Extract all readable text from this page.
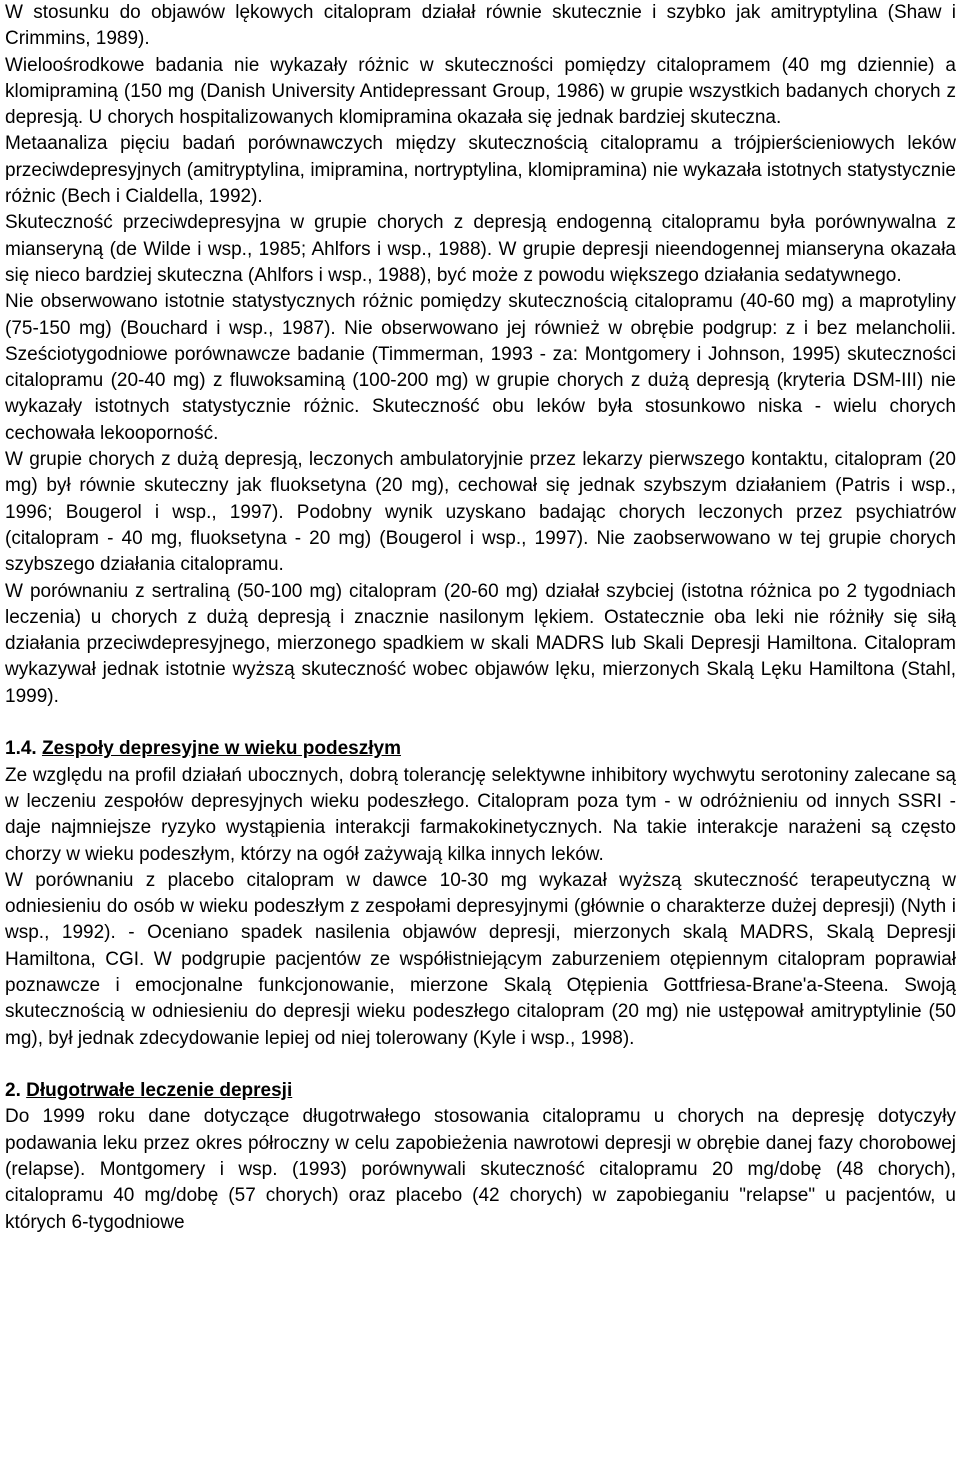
W stosunku do objawów lękowych citalopram działał równie skutecznie i szybko jak amitryptylina (Shaw i Crimmins, 1989).

Wieloośrodkowe badania nie wykazały różnic w skuteczności pomiędzy citalopramem (40 mg dziennie) a klomipraminą (150 mg (Danish University Antidepressant Group, 1986) w grupie wszystkich badanych chorych z depresją. U chorych hospitalizowanych klomipramina okazała się jednak bardziej skuteczna.

Metaanaliza pięciu badań porównawczych między skutecznością citalopramu a trójpierścieniowych leków przeciwdepresyjnych (amitryptylina, imipramina, nortryptylina, klomipramina) nie wykazała istotnych statystycznie różnic (Bech i Cialdella, 1992).

Skuteczność przeciwdepresyjna w grupie chorych z depresją endogenną citalopramu była porównywalna z mianseryną (de Wilde i wsp., 1985; Ahlfors i wsp., 1988). W grupie depresji nieendogennej mianseryna okazała się nieco bardziej skuteczna (Ahlfors i wsp., 1988), być może z powodu większego działania sedatywnego.

Nie obserwowano istotnie statystycznych różnic pomiędzy skutecznością citalopramu (40-60 mg) a maprotyliny (75-150 mg) (Bouchard i wsp., 1987). Nie obserwowano jej również w obrębie podgrup: z i bez melancholii. Sześciotygodniowe porównawcze badanie (Timmerman, 1993 - za: Montgomery i Johnson, 1995) skuteczności citalopramu (20-40 mg) z fluwoksaminą (100-200 mg) w grupie chorych z dużą depresją (kryteria DSM-III) nie wykazały istotnych statystycznie różnic. Skuteczność obu leków była stosunkowo niska - wielu chorych cechowała lekooporność.

W grupie chorych z dużą depresją, leczonych ambulatoryjnie przez lekarzy pierwszego kontaktu, citalopram (20 mg) był równie skuteczny jak fluoksetyna (20 mg), cechował się jednak szybszym działaniem (Patris i wsp., 1996; Bougerol i wsp., 1997). Podobny wynik uzyskano badając chorych leczonych przez psychiatrów (citalopram - 40 mg, fluoksetyna - 20 mg) (Bougerol i wsp., 1997). Nie zaobserwowano w tej grupie chorych szybszego działania citalopramu.

W porównaniu z sertraliną (50-100 mg) citalopram (20-60 mg) działał szybciej (istotna różnica po 2 tygodniach leczenia) u chorych z dużą depresją i znacznie nasilonym lękiem. Ostatecznie oba leki nie różniły się siłą działania przeciwdepresyjnego, mierzonego spadkiem w skali MADRS lub Skali Depresji Hamiltona. Citalopram wykazywał jednak istotnie wyższą skuteczność wobec objawów lęku, mierzonych Skalą Lęku Hamiltona (Stahl, 1999).

1.4. Zespoły depresyjne w wieku podeszłym

Ze względu na profil działań ubocznych, dobrą tolerancję selektywne inhibitory wychwytu serotoniny zalecane są w leczeniu zespołów depresyjnych wieku podeszłego. Citalopram poza tym - w odróżnieniu od innych SSRI - daje najmniejsze ryzyko wystąpienia interakcji farmakokinetycznych. Na takie interakcje narażeni są często chorzy w wieku podeszłym, którzy na ogół zażywają kilka innych leków.

W porównaniu z placebo citalopram w dawce 10-30 mg wykazał wyższą skuteczność terapeutyczną w odniesieniu do osób w wieku podeszłym z zespołami depresyjnymi (głównie o charakterze dużej depresji) (Nyth i wsp., 1992). - Oceniano spadek nasilenia objawów depresji, mierzonych skalą MADRS, Skalą Depresji Hamiltona, CGI. W podgrupie pacjentów ze współistniejącym zaburzeniem otępiennym citalopram poprawiał poznawcze i emocjonalne funkcjonowanie, mierzone Skalą Otępienia Gottfriesa-Brane'a-Steena. Swoją skutecznością w odniesieniu do depresji wieku podeszłego citalopram (20 mg) nie ustępował amitryptylinie (50 mg), był jednak zdecydowanie lepiej od niej tolerowany (Kyle i wsp., 1998).

2. Długotrwałe leczenie depresji

Do 1999 roku dane dotyczące długotrwałego stosowania citalopramu u chorych na depresję dotyczyły podawania leku przez okres półroczny w celu zapobieżenia nawrotowi depresji w obrębie danej fazy chorobowej (relapse). Montgomery i wsp. (1993) porównywali skuteczność citalopramu 20 mg/dobę (48 chorych), citalopramu 40 mg/dobę (57 chorych) oraz placebo (42 chorych) w zapobieganiu "relapse" u pacjentów, u których 6-tygodniowe
